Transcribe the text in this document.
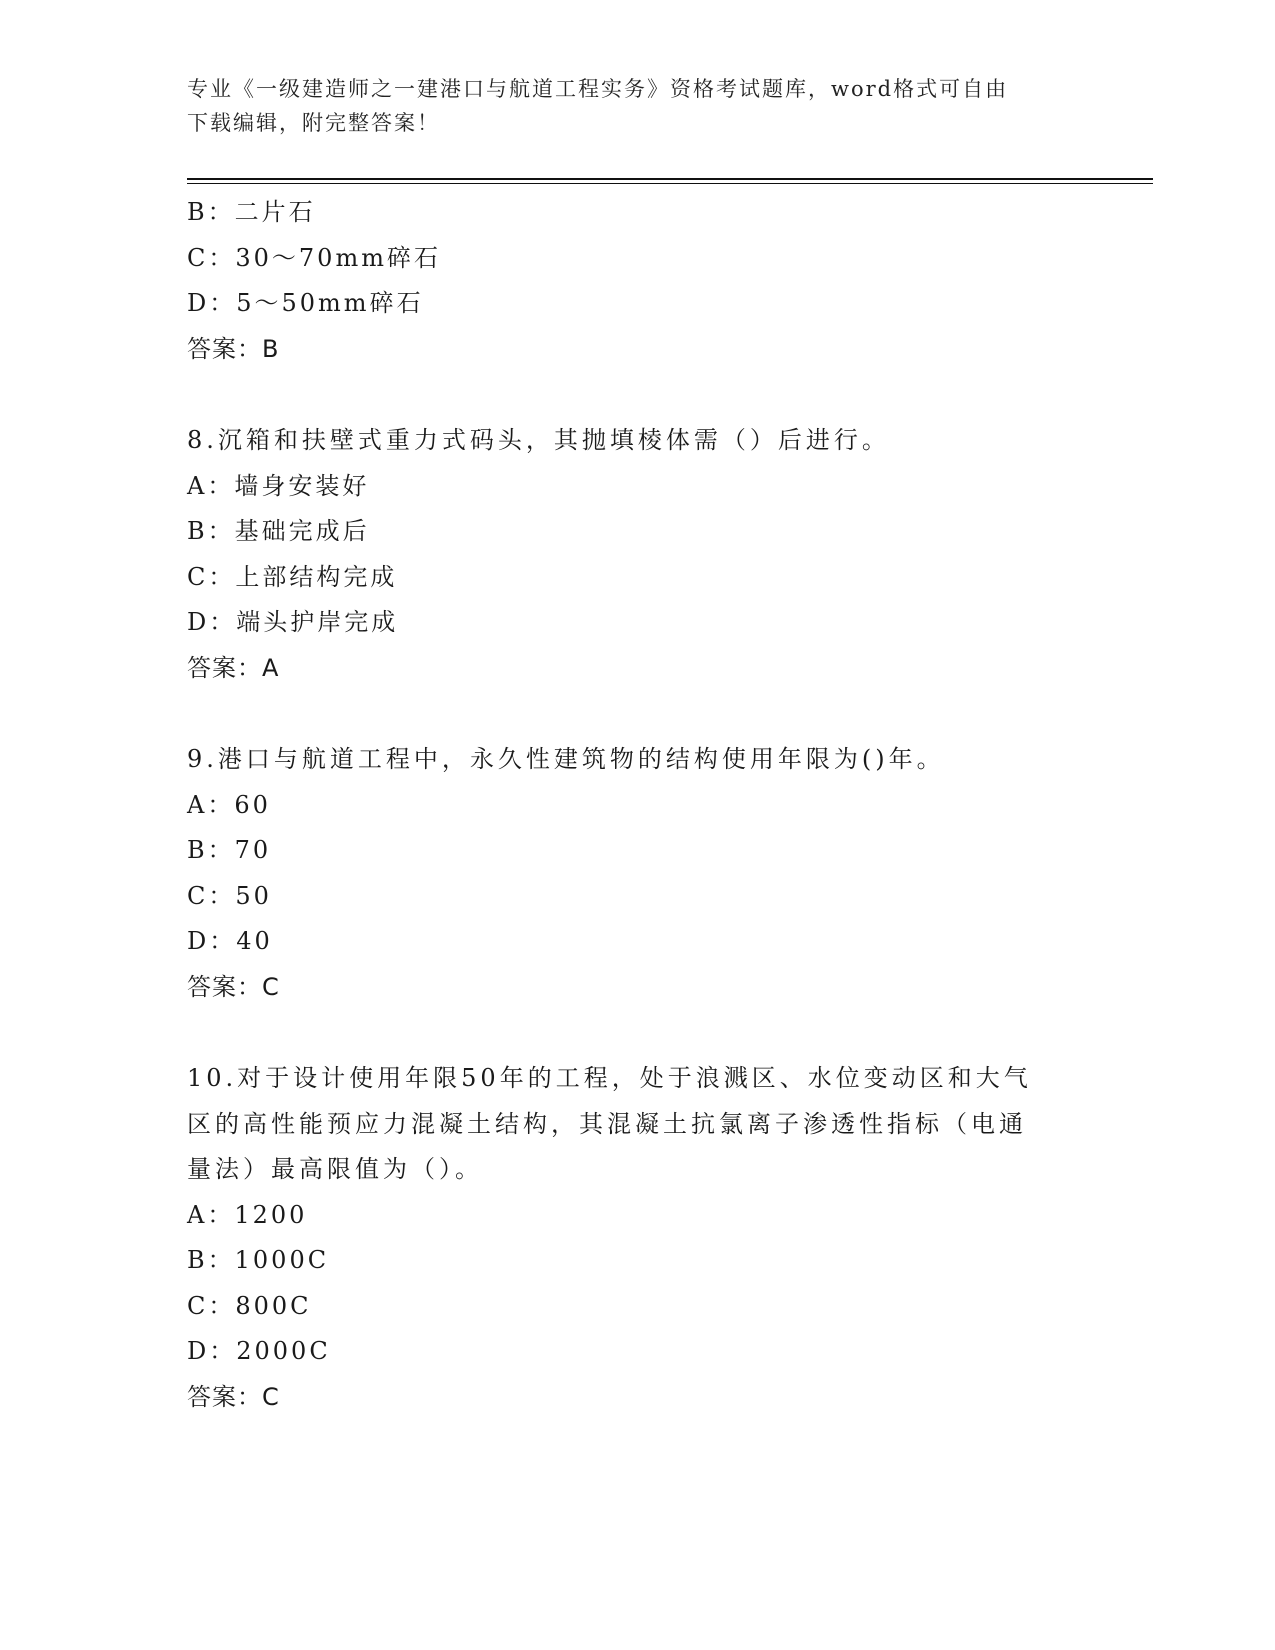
专业《一级建造师之一建港口与航道工程实务》资格考试题库，word格式可自由
下载编辑，附完整答案！
B：二片石
C：30～70mm碎石
D：5～50mm碎石
答案：B
8.沉箱和扶壁式重力式码头，其抛填棱体需（）后进行。
A：墙身安装好
B：基础完成后
C：上部结构完成
D：端头护岸完成
答案：A
9.港口与航道工程中，永久性建筑物的结构使用年限为()年。
A：60
B：70
C：50
D：40
答案：C
10.对于设计使用年限50年的工程，处于浪溅区、水位变动区和大气
区的高性能预应力混凝土结构，其混凝土抗氯离子渗透性指标（电通
量法）最高限值为（）。
A：1200
B：1000C
C：800C
D：2000C
答案：C
